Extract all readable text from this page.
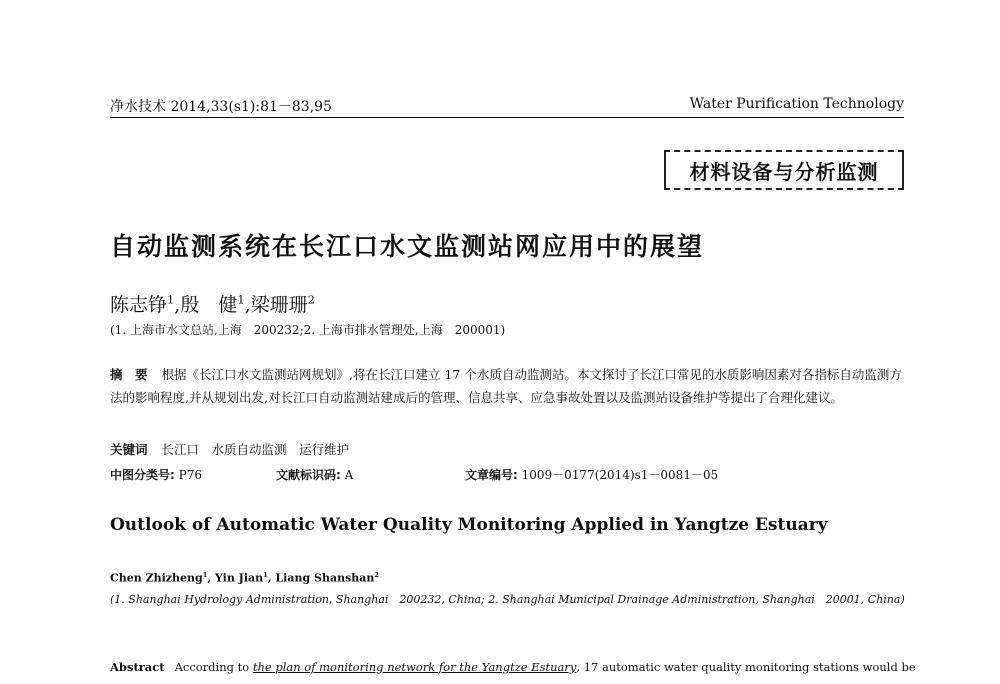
净水技术 2014,33(s1):81－83,95	Water Purification Technology
材料设备与分析监测
自动监测系统在长江口水文监测站网应用中的展望
陈志铮$^1$,殷　健$^1$,梁珊珊$^2$
(1. 上海市水文总站,上海　200232;2. 上海市排水管理处,上海　200001)
摘　要 根据《长江口水文监测站网规划》,将在长江口建立 17 个水质自动监测站。本文探讨了长江口常见的水质影响因素对各指标自动监测方法的影响程度,并从规划出发,对长江口自动监测站建成后的管理、信息共享、应急事故处置以及监测站设备维护等提出了合理化建议。
关键词 长江口　 水质自动监测　 运行维护
中图分类号: P76	文献标识码: A	文章编号: 1009－0177(2014)s1－0081－05
Outlook of Automatic Water Quality Monitoring Applied in Yangtze Estuary
Chen Zhizheng$^1$, Yin Jian$^1$, Liang Shanshan$^2$
(1. Shanghai Hydrology Administration, Shanghai　200232, China; 2. Shanghai Municipal Drainage Administration, Shanghai　20001, China)
Abstract According to the plan of monitoring network for the Yangtze Estuary, 17 automatic water quality monitoring stations would be
